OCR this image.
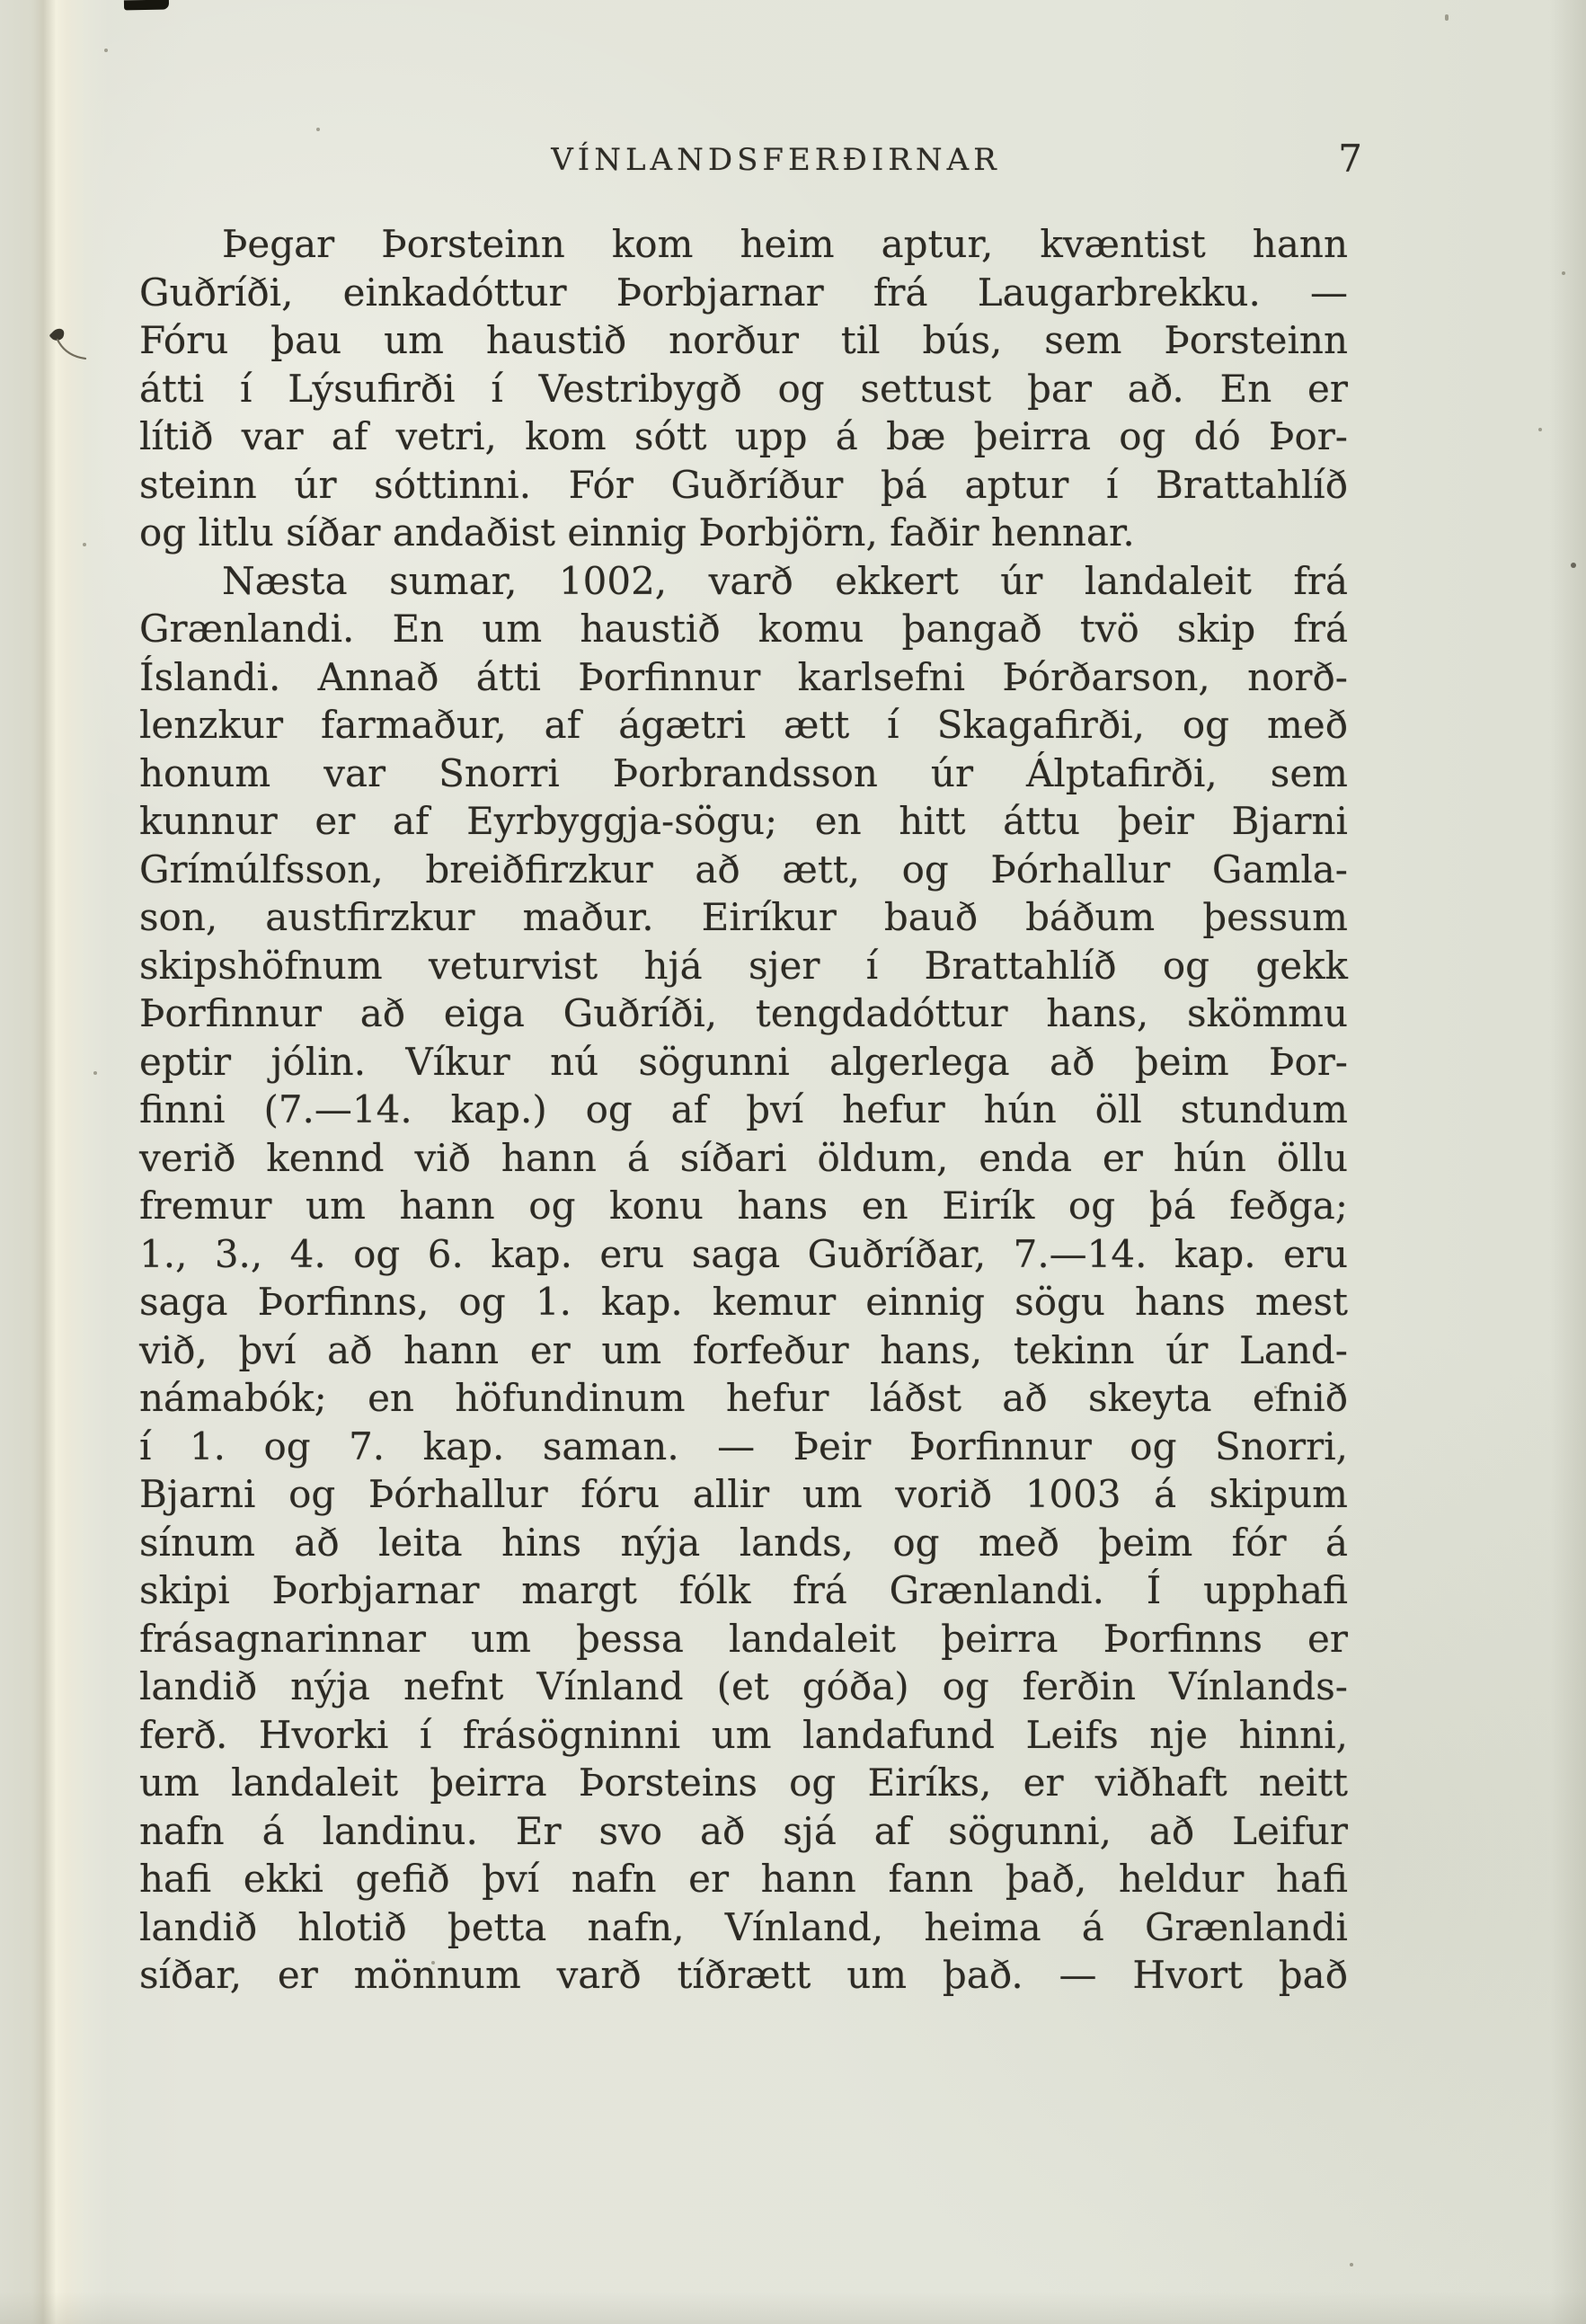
VÍNLANDSFERÐIRNAR	7
Þegar Þorsteinn kom heim aptur, kvæntist hann
Guðríði, einkadóttur Þorbjarnar frá Laugarbrekku. —
Fóru þau um haustið norður til bús, sem Þorsteinn
átti í Lýsufirði í Vestribygð og settust þar að. En er
lítið var af vetri, kom sótt upp á bæ þeirra og dó Þor-
steinn úr sóttinni. Fór Guðríður þá aptur í Brattahlíð
og litlu síðar andaðist einnig Þorbjörn, faðir hennar.
Næsta sumar, 1002, varð ekkert úr landaleit frá
Grænlandi. En um haustið komu þangað tvö skip frá
Íslandi. Annað átti Þorfinnur karlsefni Þórðarson, norð-
lenzkur farmaður, af ágætri ætt í Skagafirði, og með
honum var Snorri Þorbrandsson úr Álptafirði, sem
kunnur er af Eyrbyggja-sögu; en hitt áttu þeir Bjarni
Grímúlfsson, breiðfirzkur að ætt, og Þórhallur Gamla-
son, austfirzkur maður. Eiríkur bauð báðum þessum
skipshöfnum veturvist hjá sjer í Brattahlíð og gekk
Þorfinnur að eiga Guðríði, tengdadóttur hans, skömmu
eptir jólin. Víkur nú sögunni algerlega að þeim Þor-
finni (7.—14. kap.) og af því hefur hún öll stundum
verið kennd við hann á síðari öldum, enda er hún öllu
fremur um hann og konu hans en Eirík og þá feðga;
1., 3., 4. og 6. kap. eru saga Guðríðar, 7.—14. kap. eru
saga Þorfinns, og 1. kap. kemur einnig sögu hans mest
við, því að hann er um forfeður hans, tekinn úr Land-
námabók; en höfundinum hefur láðst að skeyta efnið
í 1. og 7. kap. saman. — Þeir Þorfinnur og Snorri,
Bjarni og Þórhallur fóru allir um vorið 1003 á skipum
sínum að leita hins nýja lands, og með þeim fór á
skipi Þorbjarnar margt fólk frá Grænlandi. Í upphafi
frásagnarinnar um þessa landaleit þeirra Þorfinns er
landið nýja nefnt Vínland (et góða) og ferðin Vínlands-
ferð. Hvorki í frásögninni um landafund Leifs nje hinni,
um landaleit þeirra Þorsteins og Eiríks, er viðhaft neitt
nafn á landinu. Er svo að sjá af sögunni, að Leifur
hafi ekki gefið því nafn er hann fann það, heldur hafi
landið hlotið þetta nafn, Vínland, heima á Grænlandi
síðar, er mönnum varð tíðrætt um það. — Hvort það
